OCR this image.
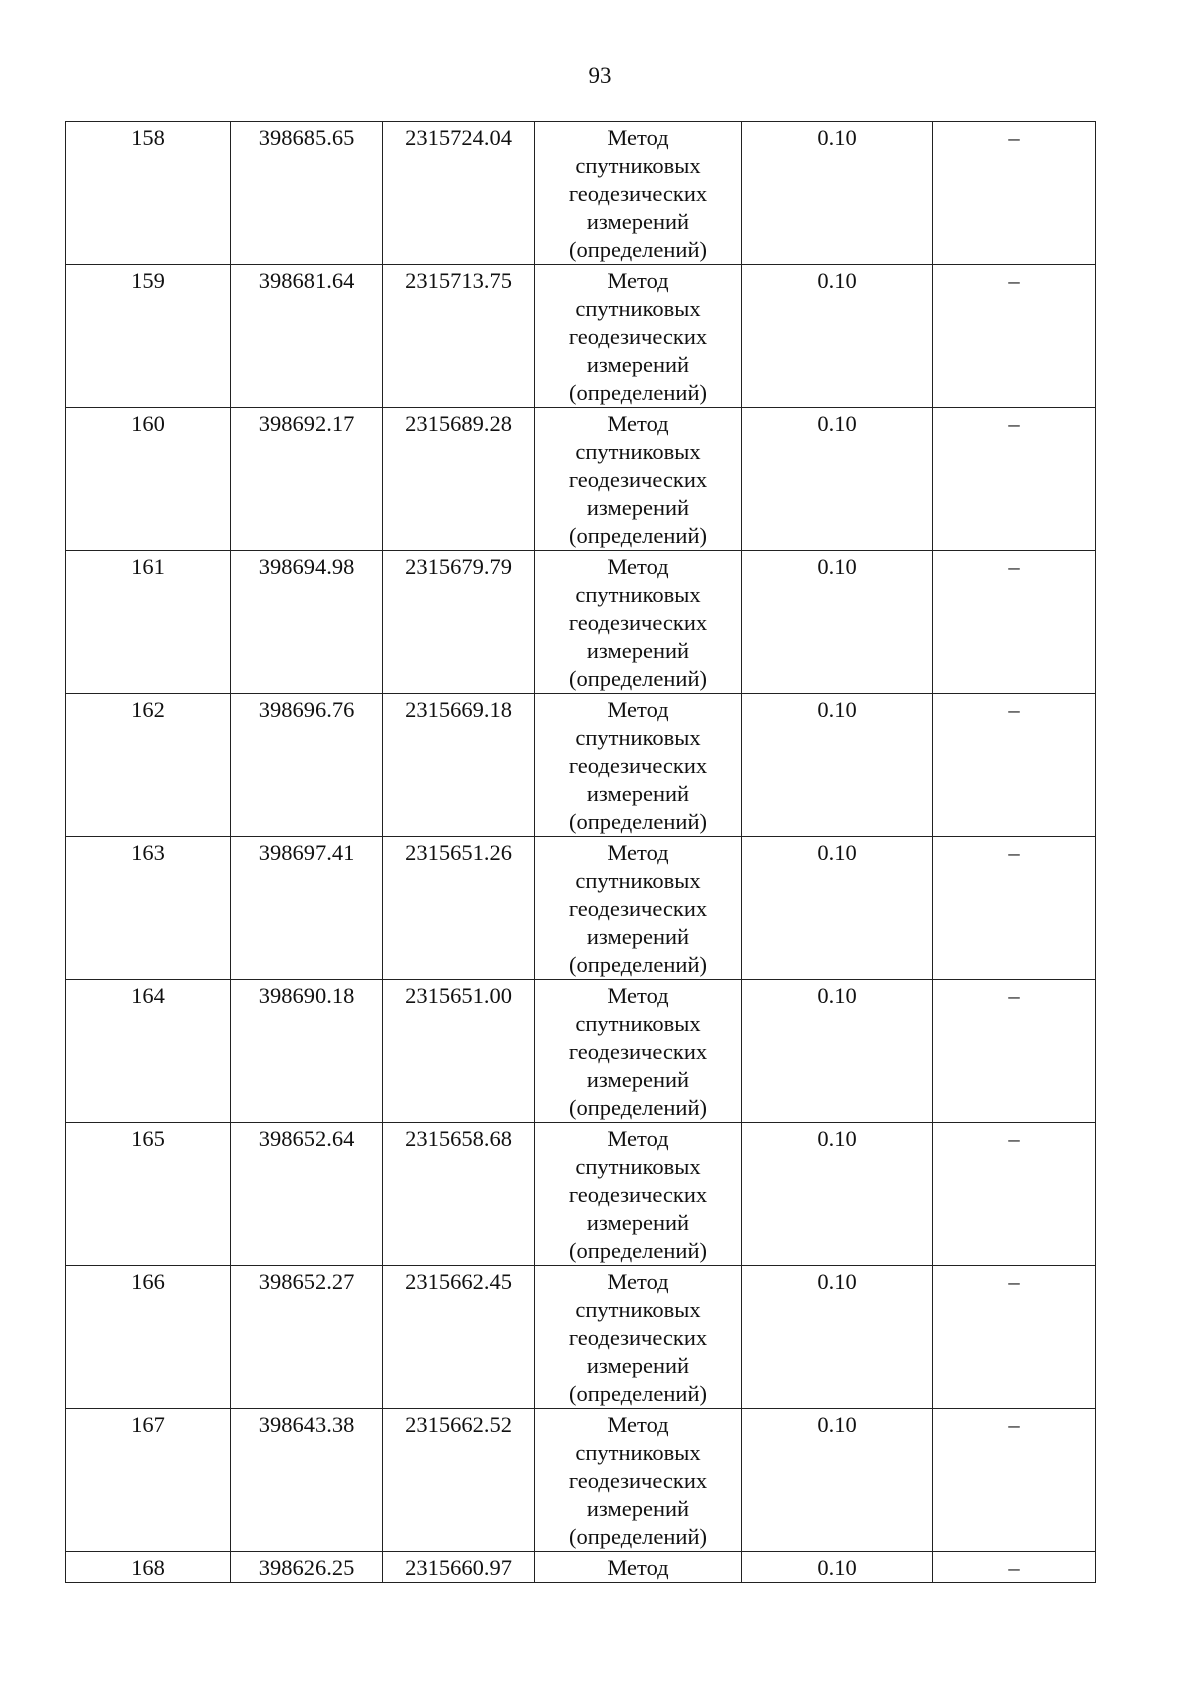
93
158	398685.65	2315724.04	Метод
спутниковых
геодезических
измерений
(определений)	0.10	–
159	398681.64	2315713.75	Метод
спутниковых
геодезических
измерений
(определений)	0.10	–
160	398692.17	2315689.28	Метод
спутниковых
геодезических
измерений
(определений)	0.10	–
161	398694.98	2315679.79	Метод
спутниковых
геодезических
измерений
(определений)	0.10	–
162	398696.76	2315669.18	Метод
спутниковых
геодезических
измерений
(определений)	0.10	–
163	398697.41	2315651.26	Метод
спутниковых
геодезических
измерений
(определений)	0.10	–
164	398690.18	2315651.00	Метод
спутниковых
геодезических
измерений
(определений)	0.10	–
165	398652.64	2315658.68	Метод
спутниковых
геодезических
измерений
(определений)	0.10	–
166	398652.27	2315662.45	Метод
спутниковых
геодезических
измерений
(определений)	0.10	–
167	398643.38	2315662.52	Метод
спутниковых
геодезических
измерений
(определений)	0.10	–
168	398626.25	2315660.97	Метод	0.10	–
